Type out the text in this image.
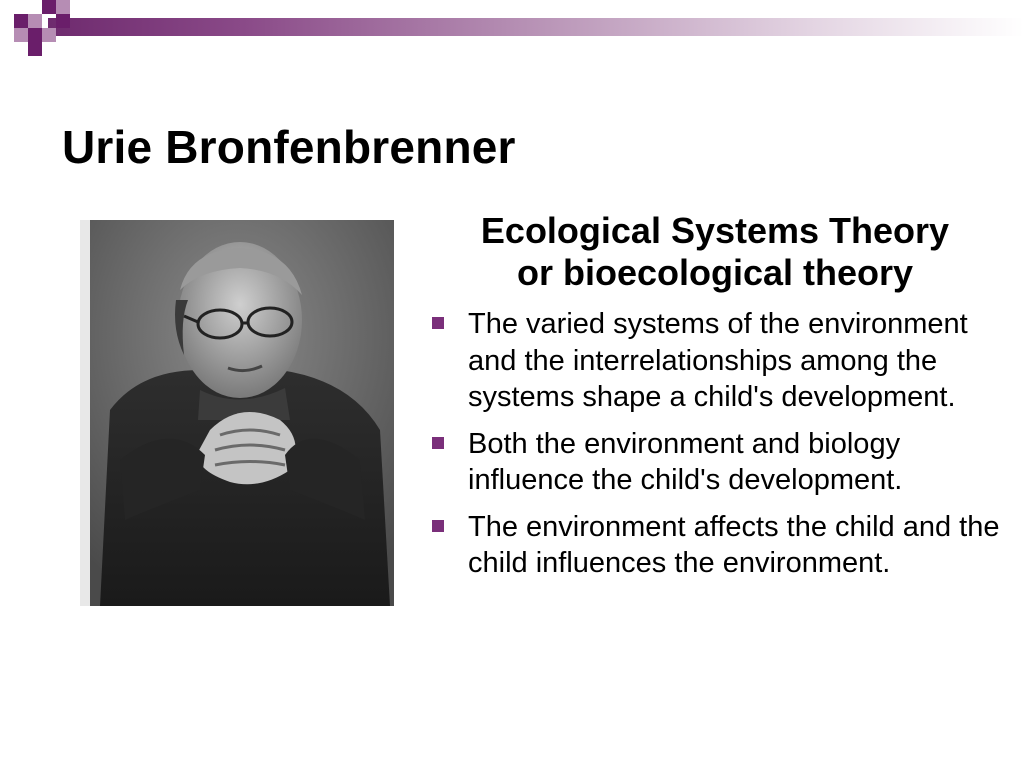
Urie Bronfenbrenner
Ecological Systems Theory
or bioecological theory
The varied systems of the environment and the interrelationships among the systems shape a child's development.
Both the environment and biology influence the child's development.
The environment affects the child and the child influences the environment.
